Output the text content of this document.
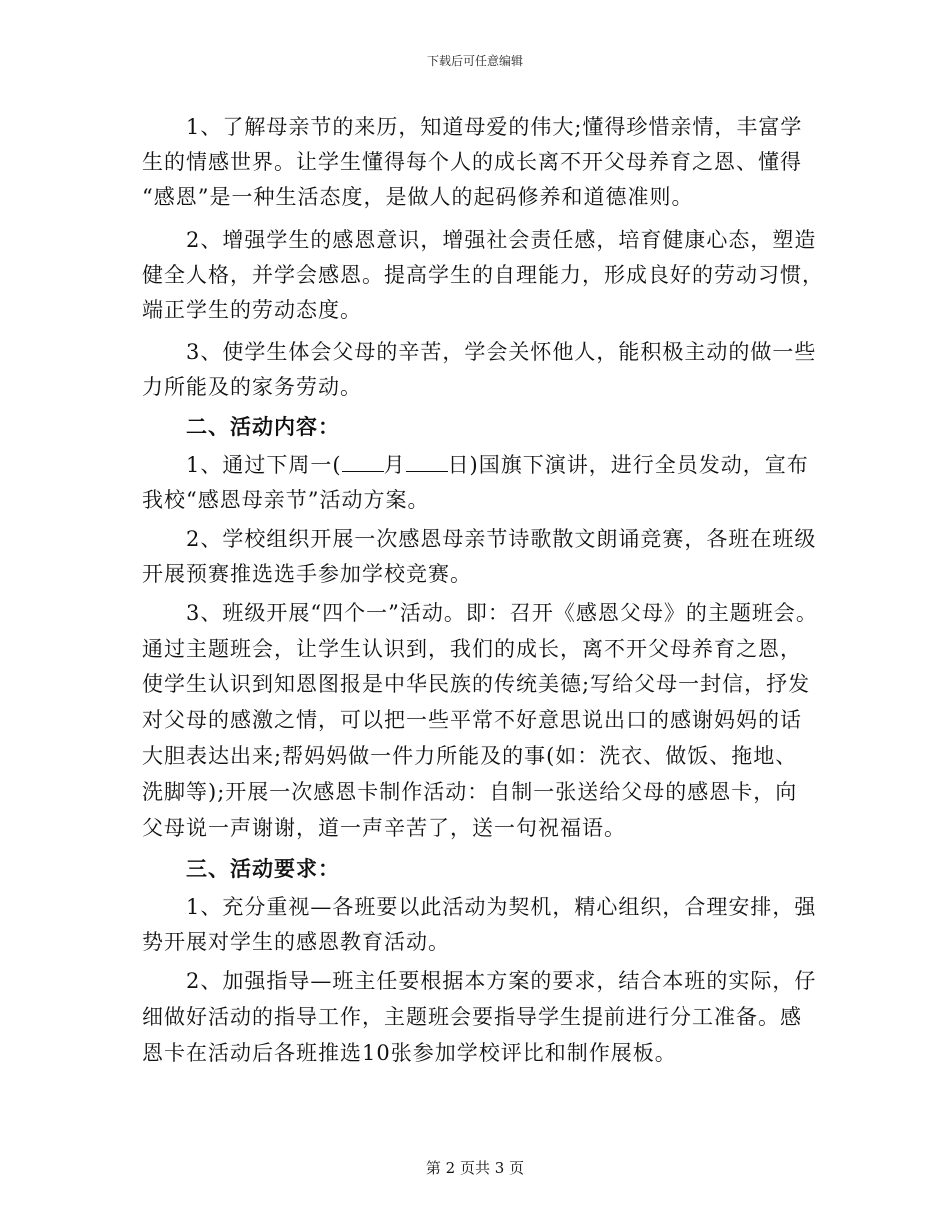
下载后可任意编辑
1、了解母亲节的来历，知道母爱的伟大;懂得珍惜亲情，丰富学
生的情感世界。让学生懂得每个人的成长离不开父母养育之恩、懂得
“感恩”是一种生活态度，是做人的起码修养和道德准则。
2、增强学生的感恩意识，增强社会责任感，培育健康心态，塑造
健全人格，并学会感恩。提高学生的自理能力，形成良好的劳动习惯，
端正学生的劳动态度。
3、使学生体会父母的辛苦，学会关怀他人，能积极主动的做一些
力所能及的家务劳动。
二、活动内容：
1、通过下周一( 月 日)国旗下演讲，进行全员发动，宣布
我校“感恩母亲节”活动方案。
2、学校组织开展一次感恩母亲节诗歌散文朗诵竞赛，各班在班级
开展预赛推选选手参加学校竞赛。
3、班级开展“四个一”活动。即：召开《感恩父母》的主题班会。
通过主题班会，让学生认识到，我们的成长，离不开父母养育之恩，
使学生认识到知恩图报是中华民族的传统美德;写给父母一封信，抒发
对父母的感激之情，可以把一些平常不好意思说出口的感谢妈妈的话
大胆表达出来;帮妈妈做一件力所能及的事(如：洗衣、做饭、拖地、
洗脚等);开展一次感恩卡制作活动：自制一张送给父母的感恩卡，向
父母说一声谢谢，道一声辛苦了，送一句祝福语。
三、活动要求：
1、充分重视—各班要以此活动为契机，精心组织，合理安排，强
势开展对学生的感恩教育活动。
2、加强指导—班主任要根据本方案的要求，结合本班的实际，仔
细做好活动的指导工作，主题班会要指导学生提前进行分工准备。感
恩卡在活动后各班推选10张参加学校评比和制作展板。
第 2 页共 3 页
